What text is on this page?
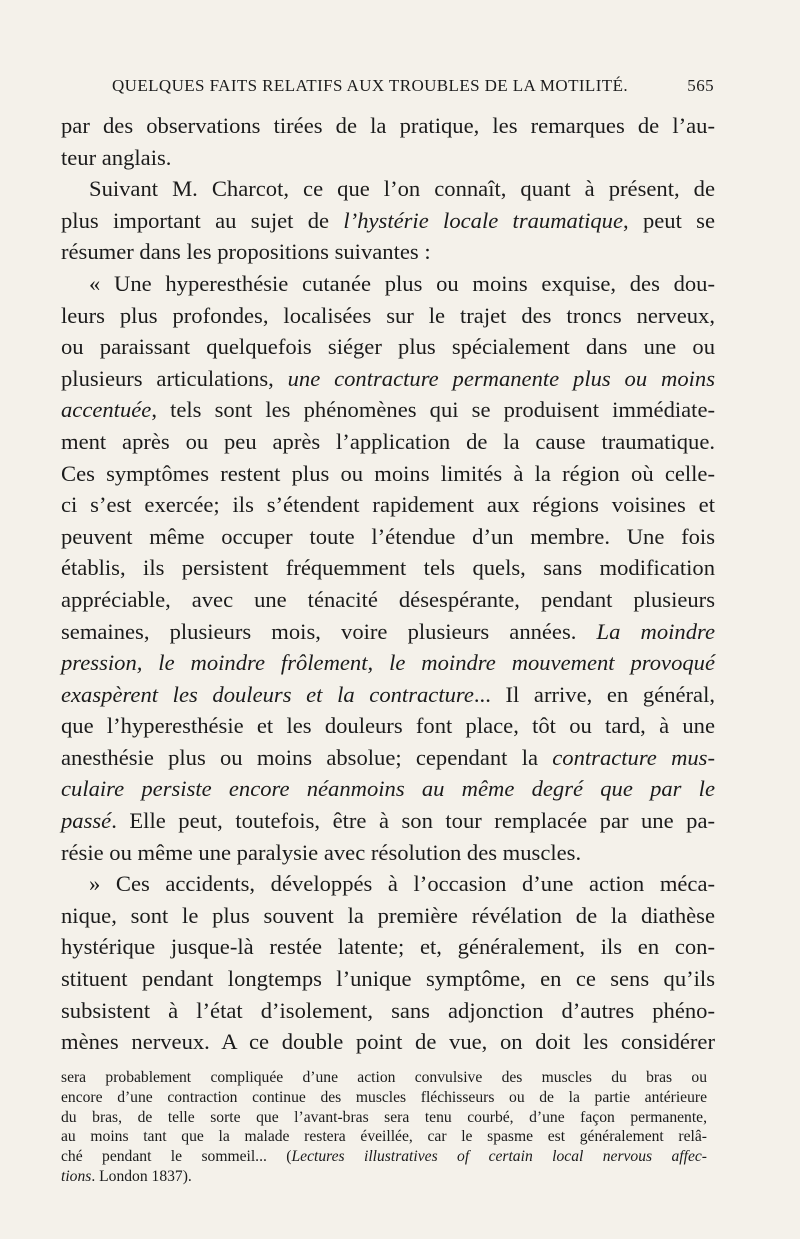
QUELQUES FAITS RELATIFS AUX TROUBLES DE LA MOTILITÉ.	565
par des observations tirées de la pratique, les remarques de l’au-
teur anglais.
Suivant M. Charcot, ce que l’on connaît, quant à présent, de
plus important au sujet de l’hystérie locale traumatique, peut se
résumer dans les propositions suivantes :
« Une hyperesthésie cutanée plus ou moins exquise, des dou-
leurs plus profondes, localisées sur le trajet des troncs nerveux,
ou paraissant quelquefois siéger plus spécialement dans une ou
plusieurs articulations, une contracture permanente plus ou moins
accentuée, tels sont les phénomènes qui se produisent immédiate-
ment après ou peu après l’application de la cause traumatique.
Ces symptômes restent plus ou moins limités à la région où celle-
ci s’est exercée; ils s’étendent rapidement aux régions voisines et
peuvent même occuper toute l’étendue d’un membre. Une fois
établis, ils persistent fréquemment tels quels, sans modification
appréciable, avec une ténacité désespérante, pendant plusieurs
semaines, plusieurs mois, voire plusieurs années. La moindre
pression, le moindre frôlement, le moindre mouvement provoqué
exaspèrent les douleurs et la contracture... Il arrive, en général,
que l’hyperesthésie et les douleurs font place, tôt ou tard, à une
anesthésie plus ou moins absolue; cependant la contracture mus-
culaire persiste encore néanmoins au même degré que par le
passé. Elle peut, toutefois, être à son tour remplacée par une pa-
résie ou même une paralysie avec résolution des muscles.
» Ces accidents, développés à l’occasion d’une action méca-
nique, sont le plus souvent la première révélation de la diathèse
hystérique jusque-là restée latente; et, généralement, ils en con-
stituent pendant longtemps l’unique symptôme, en ce sens qu’ils
subsistent à l’état d’isolement, sans adjonction d’autres phéno-
mènes nerveux. A ce double point de vue, on doit les considérer
sera probablement compliquée d’une action convulsive des muscles du bras ou
encore d’une contraction continue des muscles fléchisseurs ou de la partie antérieure
du bras, de telle sorte que l’avant-bras sera tenu courbé, d’une façon permanente,
au moins tant que la malade restera éveillée, car le spasme est généralement relâ-
ché pendant le sommeil... (Lectures illustratives of certain local nervous affec-
tions. London 1837).
